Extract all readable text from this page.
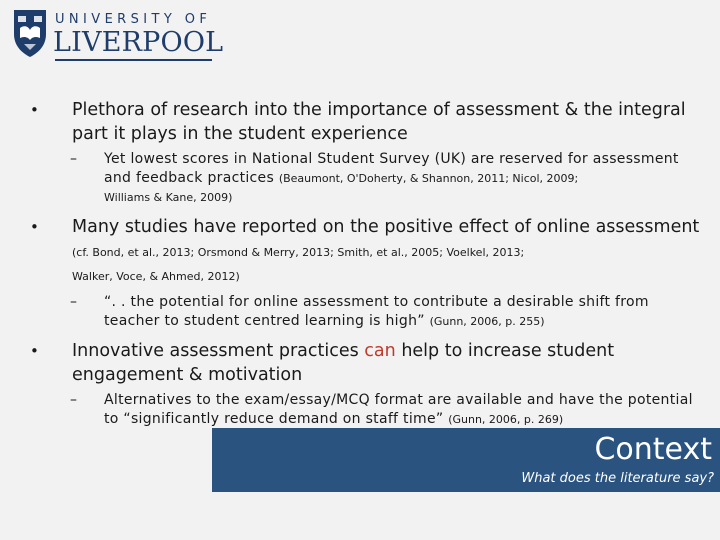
UNIVERSITY OF
LIVERPOOL
• Plethora of research into the importance of assessment & the integral part it plays in the student experience
– Yet lowest scores in National Student Survey (UK) are reserved for assessment and feedback practices (Beaumont, O'Doherty, & Shannon, 2011; Nicol, 2009;
Williams & Kane, 2009)
• Many studies have reported on the positive effect of online assessment (cf. Bond, et al., 2013; Orsmond & Merry, 2013; Smith, et al., 2005; Voelkel, 2013;
Walker, Voce, & Ahmed, 2012)
– “. . the potential for online assessment to contribute a desirable shift from teacher to student centred learning is high” (Gunn, 2006, p. 255)
• Innovative assessment practices can help to increase student engagement & motivation
– Alternatives to the exam/essay/MCQ format are available and have the potential to “significantly reduce demand on staff time” (Gunn, 2006, p. 269)
Context
What does the literature say?
